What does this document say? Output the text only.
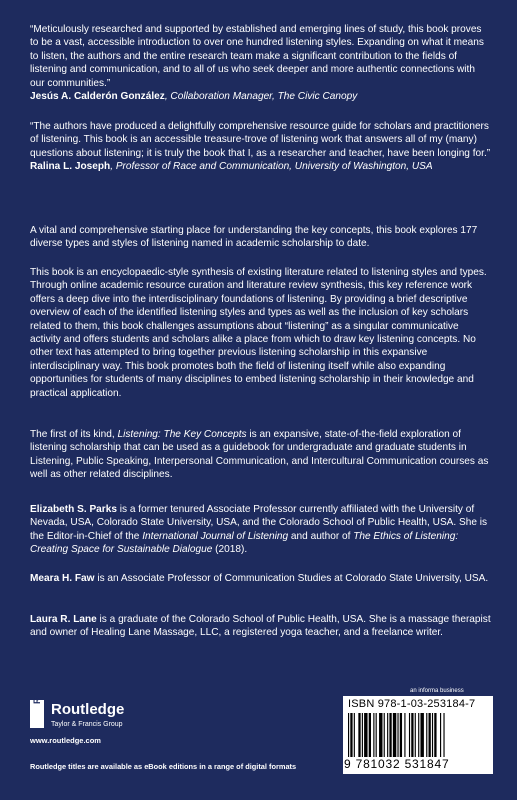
“Meticulously researched and supported by established and emerging lines of study, this book proves to be a vast, accessible introduction to over one hundred listening styles. Expanding on what it means to listen, the authors and the entire research team make a significant contribution to the fields of listening and communication, and to all of us who seek deeper and more authentic connections with our communities.”

Jesús A. Calderón González, Collaboration Manager, The Civic Canopy

“The authors have produced a delightfully comprehensive resource guide for scholars and practitioners of listening. This book is an accessible treasure-trove of listening work that answers all of my (many) questions about listening; it is truly the book that I, as a researcher and teacher, have been longing for.”

Ralina L. Joseph, Professor of Race and Communication, University of Washington, USA

A vital and comprehensive starting place for understanding the key concepts, this book explores 177 diverse types and styles of listening named in academic scholarship to date.

This book is an encyclopaedic-style synthesis of existing literature related to listening styles and types. Through online academic resource curation and literature review synthesis, this key reference work offers a deep dive into the interdisciplinary foundations of listening. By providing a brief descriptive overview of each of the identified listening styles and types as well as the inclusion of key scholars related to them, this book challenges assumptions about “listening” as a singular communicative activity and offers students and scholars alike a place from which to draw key listening concepts. No other text has attempted to bring together previous listening scholarship in this expansive interdisciplinary way. This book promotes both the field of listening itself while also expanding opportunities for students of many disciplines to embed listening scholarship in their knowledge and practical application.

The first of its kind, Listening: The Key Concepts is an expansive, state-of-the-field exploration of listening scholarship that can be used as a guidebook for undergraduate and graduate students in Listening, Public Speaking, Interpersonal Communication, and Intercultural Communication courses as well as other related disciplines.

Elizabeth S. Parks is a former tenured Associate Professor currently affiliated with the University of Nevada, USA, Colorado State University, USA, and the Colorado School of Public Health, USA. She is the Editor-in-Chief of the International Journal of Listening and author of The Ethics of Listening: Creating Space for Sustainable Dialogue (2018).

Meara H. Faw is an Associate Professor of Communication Studies at Colorado State University, USA.

Laura R. Lane is a graduate of the Colorado School of Public Health, USA. She is a massage therapist and owner of Healing Lane Massage, LLC, a registered yoga teacher, and a freelance writer.

R
Routledge
Taylor & Francis Group
www.routledge.com
an informa business
ISBN 978-1-03-253184-7
9 781032 531847
Routledge titles are available as eBook editions in a range of digital formats
